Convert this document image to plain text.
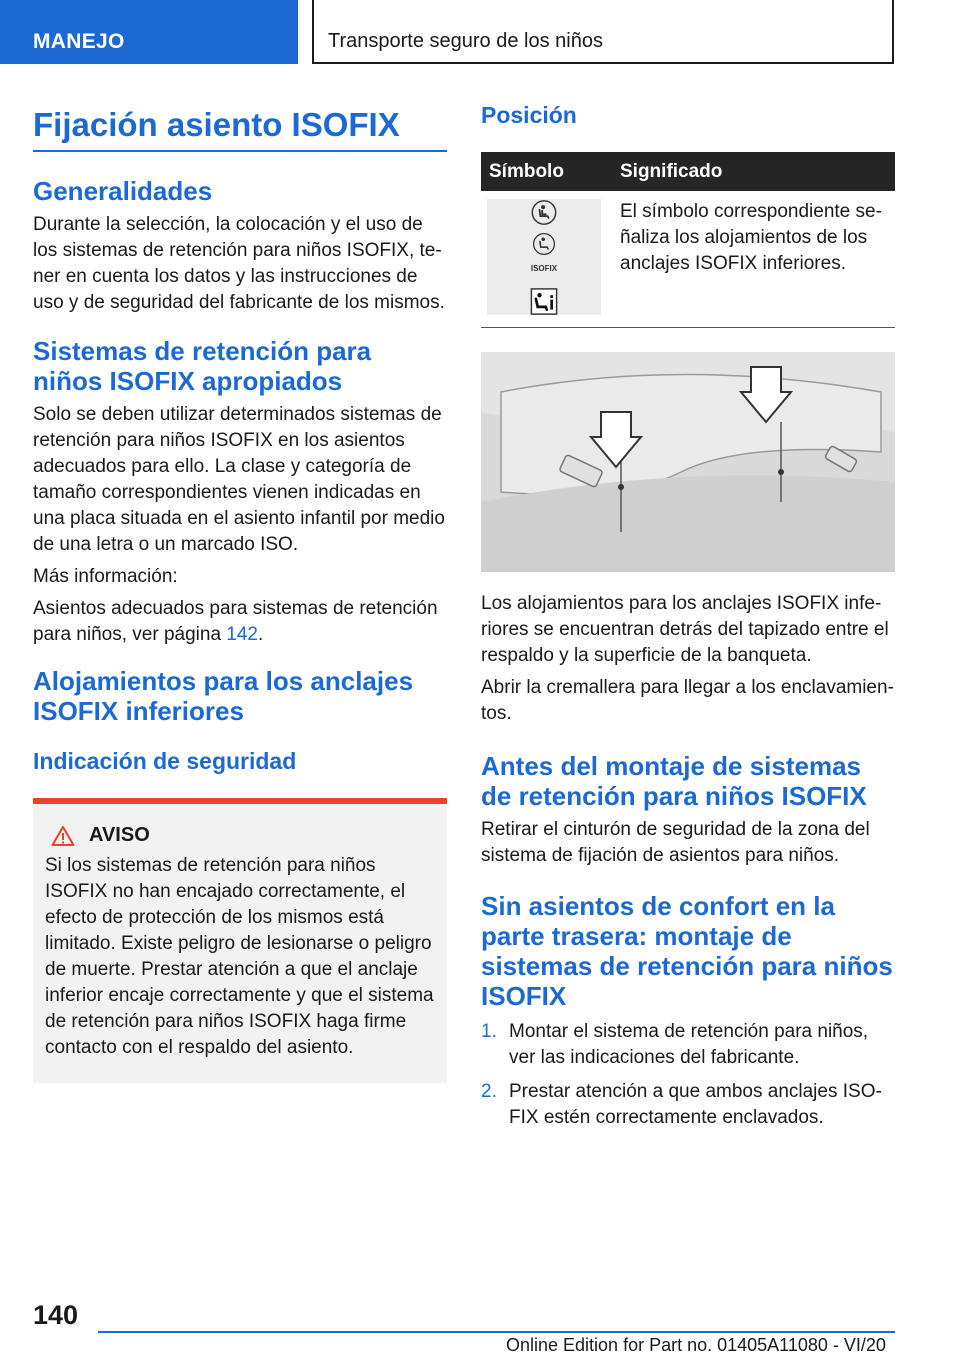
MANEJO	Transporte seguro de los niños
Fijación asiento ISOFIX
Generalidades

Durante la selección, la colocación y el uso de los sistemas de retención para niños ISOFIX, tener en cuenta los datos y las instrucciones de uso y de seguridad del fabricante de los mismos.

Sistemas de retención para niños ISOFIX apropiados

Solo se deben utilizar determinados sistemas de retención para niños ISOFIX en los asientos adecuados para ello. La clase y categoría de tamaño correspondientes vienen indicadas en una placa situada en el asiento infantil por medio de una letra o un marcado ISO.

Más información:

Asientos adecuados para sistemas de retención para niños, ver página 142.

Alojamientos para los anclajes ISOFIX inferiores
Indicación de seguridad
AVISO

Si los sistemas de retención para niños ISOFIX no han encajado correctamente, el efecto de protección de los mismos está limitado. Existe peligro de lesionarse o peligro de muerte. Prestar atención a que el anclaje inferior encaje correctamente y que el sistema de retención para niños ISOFIX haga firme contacto con el respaldo del asiento.

Posición
Símbolo	Significado

ISOFIX	El símbolo correspondiente señaliza los alojamientos de los anclajes ISOFIX inferiores.

Los alojamientos para los anclajes ISOFIX inferiores se encuentran detrás del tapizado entre el respaldo y la superficie de la banqueta.

Abrir la cremallera para llegar a los enclavamientos.

Antes del montaje de sistemas de retención para niños ISOFIX

Retirar el cinturón de seguridad de la zona del sistema de fijación de asientos para niños.

Sin asientos de confort en la parte trasera: montaje de sistemas de retención para niños ISOFIX
1. Montar el sistema de retención para niños, ver las indicaciones del fabricante.
2. Prestar atención a que ambos anclajes ISOFIX estén correctamente enclavados.
140
Online Edition for Part no. 01405A11080 - VI/20
